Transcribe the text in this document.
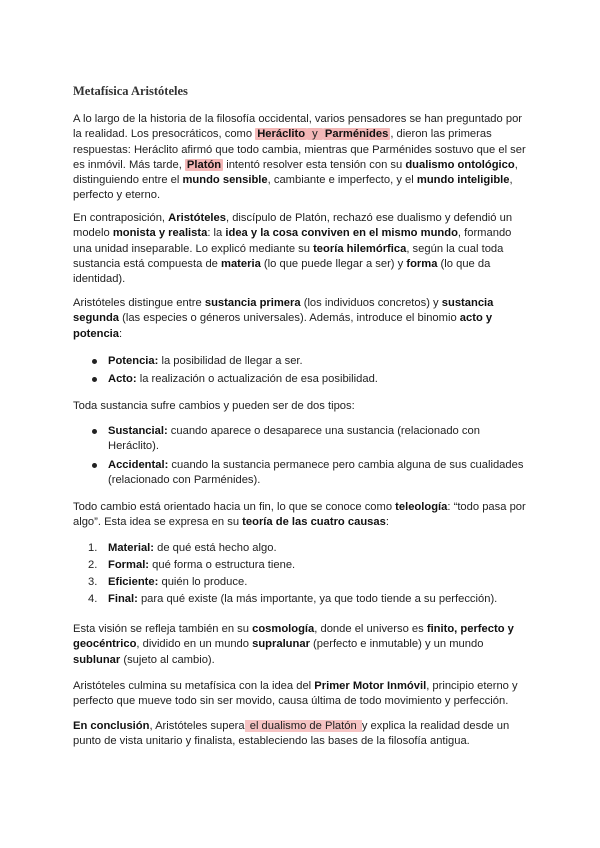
Metafísica Aristóteles
A lo largo de la historia de la filosofía occidental, varios pensadores se han preguntado por
la realidad. Los presocráticos, como Heráclito y Parménides , dieron las primeras
respuestas: Heráclito afirmó que todo cambia, mientras que Parménides sostuvo que el ser
es inmóvil. Más tarde, Platón intentó resolver esta tensión con su dualismo ontológico,
distinguiendo entre el mundo sensible, cambiante e imperfecto, y el mundo inteligible,
perfecto y eterno.
En contraposición, Aristóteles, discípulo de Platón, rechazó ese dualismo y defendió un
modelo monista y realista: la idea y la cosa conviven en el mismo mundo, formando
una unidad inseparable. Lo explicó mediante su teoría hilemórfica, según la cual toda
sustancia está compuesta de materia (lo que puede llegar a ser) y forma (lo que da
identidad).
Aristóteles distingue entre sustancia primera (los individuos concretos) y sustancia
segunda (las especies o géneros universales). Además, introduce el binomio acto y
potencia:
Potencia: la posibilidad de llegar a ser.
Acto: la realización o actualización de esa posibilidad.
Toda sustancia sufre cambios y pueden ser de dos tipos:
Sustancial: cuando aparece o desaparece una sustancia (relacionado con
Heráclito).
Accidental: cuando la sustancia permanece pero cambia alguna de sus cualidades
(relacionado con Parménides).
Todo cambio está orientado hacia un fin, lo que se conoce como teleología: “todo pasa por
algo”. Esta idea se expresa en su teoría de las cuatro causas:
1. Material: de qué está hecho algo.
2. Formal: qué forma o estructura tiene.
3. Eficiente: quién lo produce.
4. Final: para qué existe (la más importante, ya que todo tiende a su perfección).
Esta visión se refleja también en su cosmología, donde el universo es finito, perfecto y
geocéntrico, dividido en un mundo supralunar (perfecto e inmutable) y un mundo
sublunar (sujeto al cambio).
Aristóteles culmina su metafísica con la idea del Primer Motor Inmóvil, principio eterno y
perfecto que mueve todo sin ser movido, causa última de todo movimiento y perfección.
En conclusión, Aristóteles supera el dualismo de Platón y explica la realidad desde un
punto de vista unitario y finalista, estableciendo las bases de la filosofía antigua.
